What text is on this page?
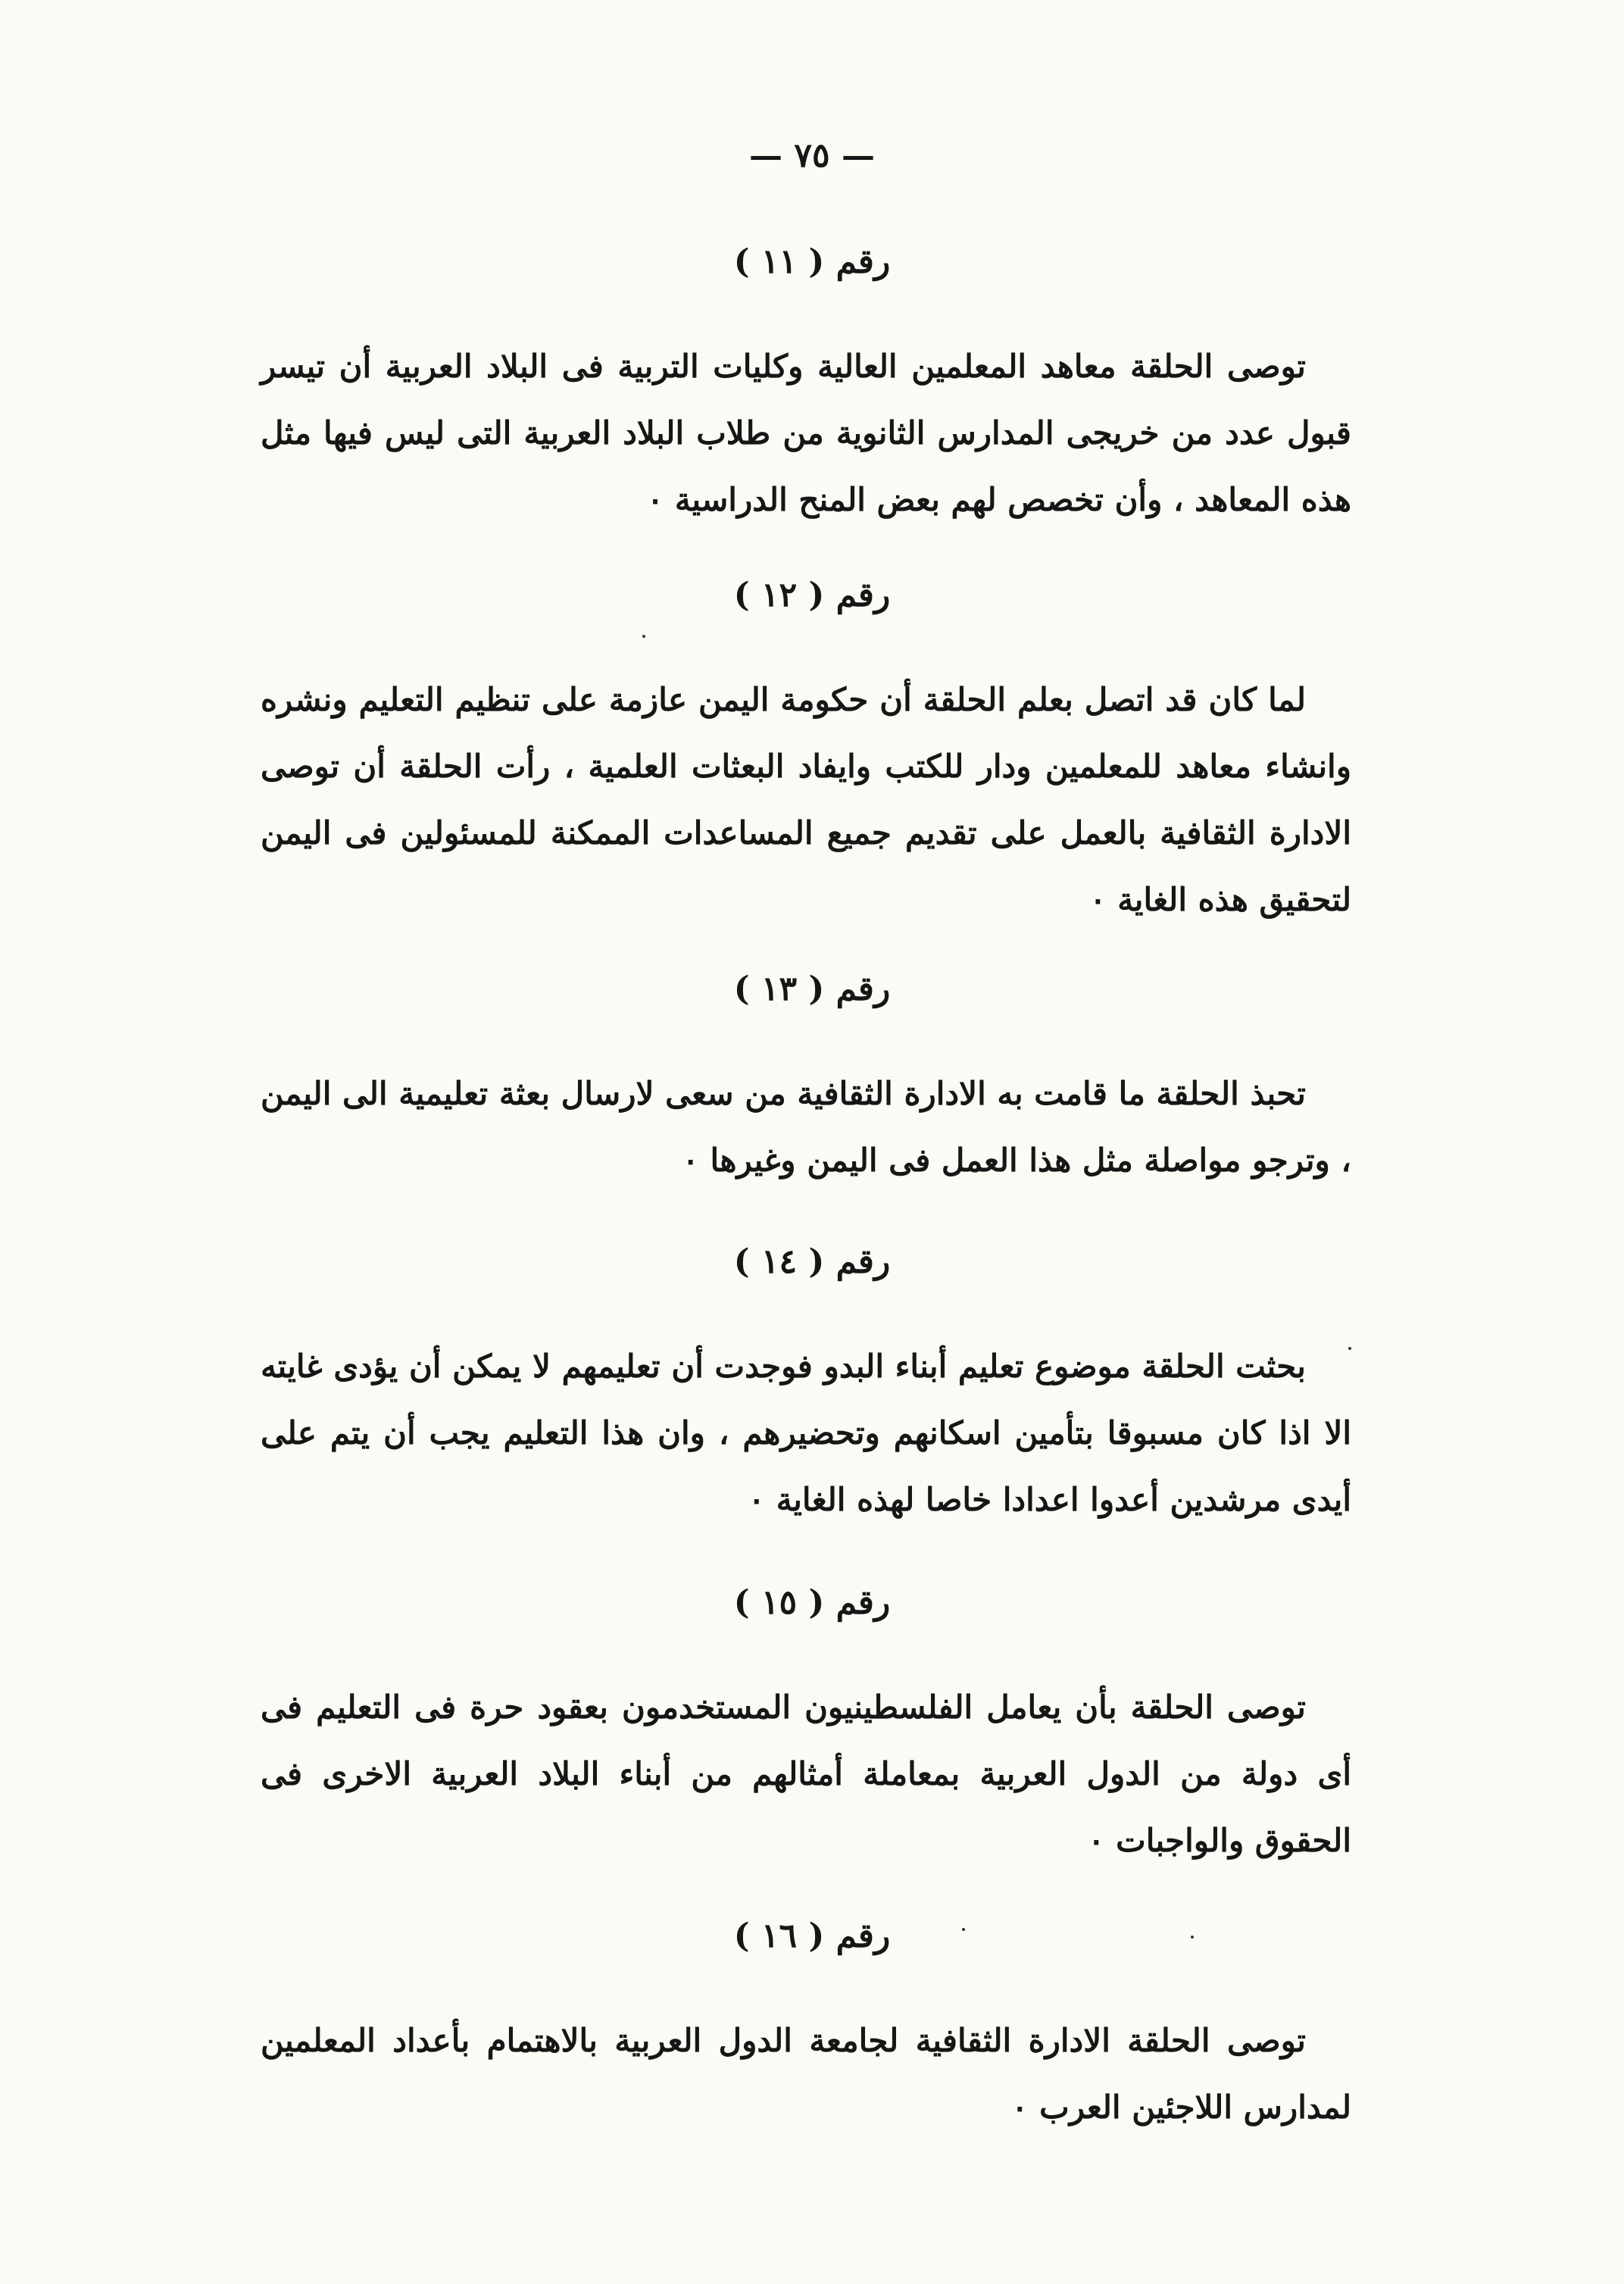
— ٧٥ —
رقم ( ١١ )
توصى الحلقة معاهد المعلمين العالية وكليات التربية فى البلاد العربية أن تيسر قبول عدد من خريجى المدارس الثانوية من طلاب البلاد العربية التى ليس فيها مثل هذه المعاهد ، وأن تخصص لهم بعض المنح الدراسية ٠
رقم ( ١٢ )
لما كان قد اتصل بعلم الحلقة أن حكومة اليمن عازمة على تنظيم التعليم ونشره وانشاء معاهد للمعلمين ودار للكتب وايفاد البعثات العلمية ، رأت الحلقة أن توصى الادارة الثقافية بالعمل على تقديم جميع المساعدات الممكنة للمسئولين فى اليمن لتحقيق هذه الغاية ٠
رقم ( ١٣ )
تحبذ الحلقة ما قامت به الادارة الثقافية من سعى لارسال بعثة تعليمية الى اليمن ، وترجو مواصلة مثل هذا العمل فى اليمن وغيرها ٠
رقم ( ١٤ )
بحثت الحلقة موضوع تعليم أبناء البدو فوجدت أن تعليمهم لا يمكن أن يؤدى غايته الا اذا كان مسبوقا بتأمين اسكانهم وتحضيرهم ، وان هذا التعليم يجب أن يتم على أيدى مرشدين أعدوا اعدادا خاصا لهذه الغاية ٠
رقم ( ١٥ )
توصى الحلقة بأن يعامل الفلسطينيون المستخدمون بعقود حرة فى التعليم فى أى دولة من الدول العربية بمعاملة أمثالهم من أبناء البلاد العربية الاخرى فى الحقوق والواجبات ٠
رقم ( ١٦ )
توصى الحلقة الادارة الثقافية لجامعة الدول العربية بالاهتمام بأعداد المعلمين لمدارس اللاجئين العرب ٠
